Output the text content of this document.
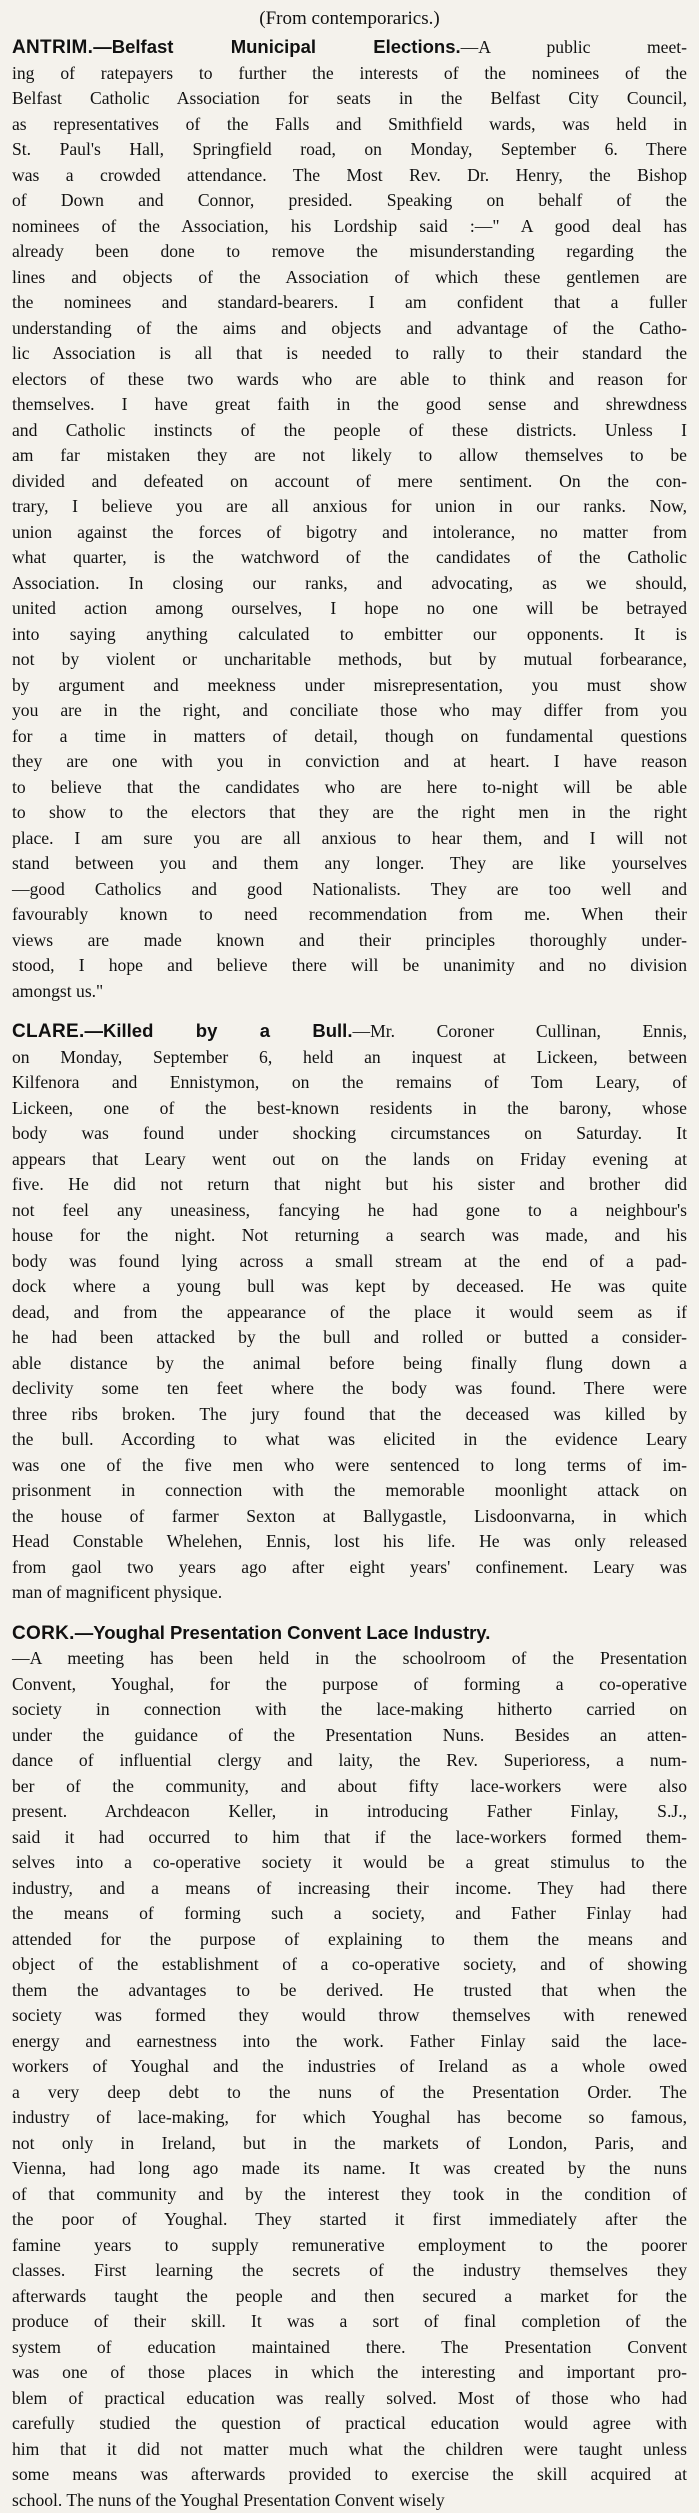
(From contemporarics.)
ANTRIM.—Belfast Municipal Elections.—A public meet-
ing of ratepayers to further the interests of the nominees of the
Belfast Catholic Association for seats in the Belfast City Council,
as representatives of the Falls and Smithfield wards, was held in
St. Paul's Hall, Springfield road, on Monday, September 6. There
was a crowded attendance. The Most Rev. Dr. Henry, the Bishop
of Down and Connor, presided. Speaking on behalf of the
nominees of the Association, his Lordship said :—" A good deal has
already been done to remove the misunderstanding regarding the
lines and objects of the Association of which these gentlemen are
the nominees and standard-bearers. I am confident that a fuller
understanding of the aims and objects and advantage of the Catho-
lic Association is all that is needed to rally to their standard the
electors of these two wards who are able to think and reason for
themselves. I have great faith in the good sense and shrewdness
and Catholic instincts of the people of these districts. Unless I
am far mistaken they are not likely to allow themselves to be
divided and defeated on account of mere sentiment. On the con-
trary, I believe you are all anxious for union in our ranks. Now,
union against the forces of bigotry and intolerance, no matter from
what quarter, is the watchword of the candidates of the Catholic
Association. In closing our ranks, and advocating, as we should,
united action among ourselves, I hope no one will be betrayed
into saying anything calculated to embitter our opponents. It is
not by violent or uncharitable methods, but by mutual forbearance,
by argument and meekness under misrepresentation, you must show
you are in the right, and conciliate those who may differ from you
for a time in matters of detail, though on fundamental questions
they are one with you in conviction and at heart. I have reason
to believe that the candidates who are here to-night will be able
to show to the electors that they are the right men in the right
place. I am sure you are all anxious to hear them, and I will not
stand between you and them any longer. They are like yourselves
—good Catholics and good Nationalists. They are too well and
favourably known to need recommendation from me. When their
views are made known and their principles thoroughly under-
stood, I hope and believe there will be unanimity and no division
amongst us."
CLARE.—Killed by a Bull.—Mr. Coroner Cullinan, Ennis,
on Monday, September 6, held an inquest at Lickeen, between
Kilfenora and Ennistymon, on the remains of Tom Leary, of
Lickeen, one of the best-known residents in the barony, whose
body was found under shocking circumstances on Saturday. It
appears that Leary went out on the lands on Friday evening at
five. He did not return that night but his sister and brother did
not feel any uneasiness, fancying he had gone to a neighbour's
house for the night. Not returning a search was made, and his
body was found lying across a small stream at the end of a pad-
dock where a young bull was kept by deceased. He was quite
dead, and from the appearance of the place it would seem as if
he had been attacked by the bull and rolled or butted a consider-
able distance by the animal before being finally flung down a
declivity some ten feet where the body was found. There were
three ribs broken. The jury found that the deceased was killed by
the bull. According to what was elicited in the evidence Leary
was one of the five men who were sentenced to long terms of im-
prisonment in connection with the memorable moonlight attack on
the house of farmer Sexton at Ballygastle, Lisdoonvarna, in which
Head Constable Whelehen, Ennis, lost his life. He was only released
from gaol two years ago after eight years' confinement. Leary was
man of magnificent physique.
CORK.—Youghal Presentation Convent Lace Industry.
—A meeting has been held in the schoolroom of the Presentation
Convent, Youghal, for the purpose of forming a co-operative
society in connection with the lace-making hitherto carried on
under the guidance of the Presentation Nuns. Besides an atten-
dance of influential clergy and laity, the Rev. Superioress, a num-
ber of the community, and about fifty lace-workers were also
present. Archdeacon Keller, in introducing Father Finlay, S.J.,
said it had occurred to him that if the lace-workers formed them-
selves into a co-operative society it would be a great stimulus to the
industry, and a means of increasing their income. They had there
the means of forming such a society, and Father Finlay had
attended for the purpose of explaining to them the means and
object of the establishment of a co-operative society, and of showing
them the advantages to be derived. He trusted that when the
society was formed they would throw themselves with renewed
energy and earnestness into the work. Father Finlay said the lace-
workers of Youghal and the industries of Ireland as a whole owed
a very deep debt to the nuns of the Presentation Order. The
industry of lace-making, for which Youghal has become so famous,
not only in Ireland, but in the markets of London, Paris, and
Vienna, had long ago made its name. It was created by the nuns
of that community and by the interest they took in the condition of
the poor of Youghal. They started it first immediately after the
famine years to supply remunerative employment to the poorer
classes. First learning the secrets of the industry themselves they
afterwards taught the people and then secured a market for the
produce of their skill. It was a sort of final completion of the
system of education maintained there. The Presentation Convent
was one of those places in which the interesting and important pro-
blem of practical education was really solved. Most of those who had
carefully studied the question of practical education would agree with
him that it did not matter much what the children were taught unless
some means was afterwards provided to exercise the skill acquired at
school. The nuns of the Youghal Presentation Convent wisely
